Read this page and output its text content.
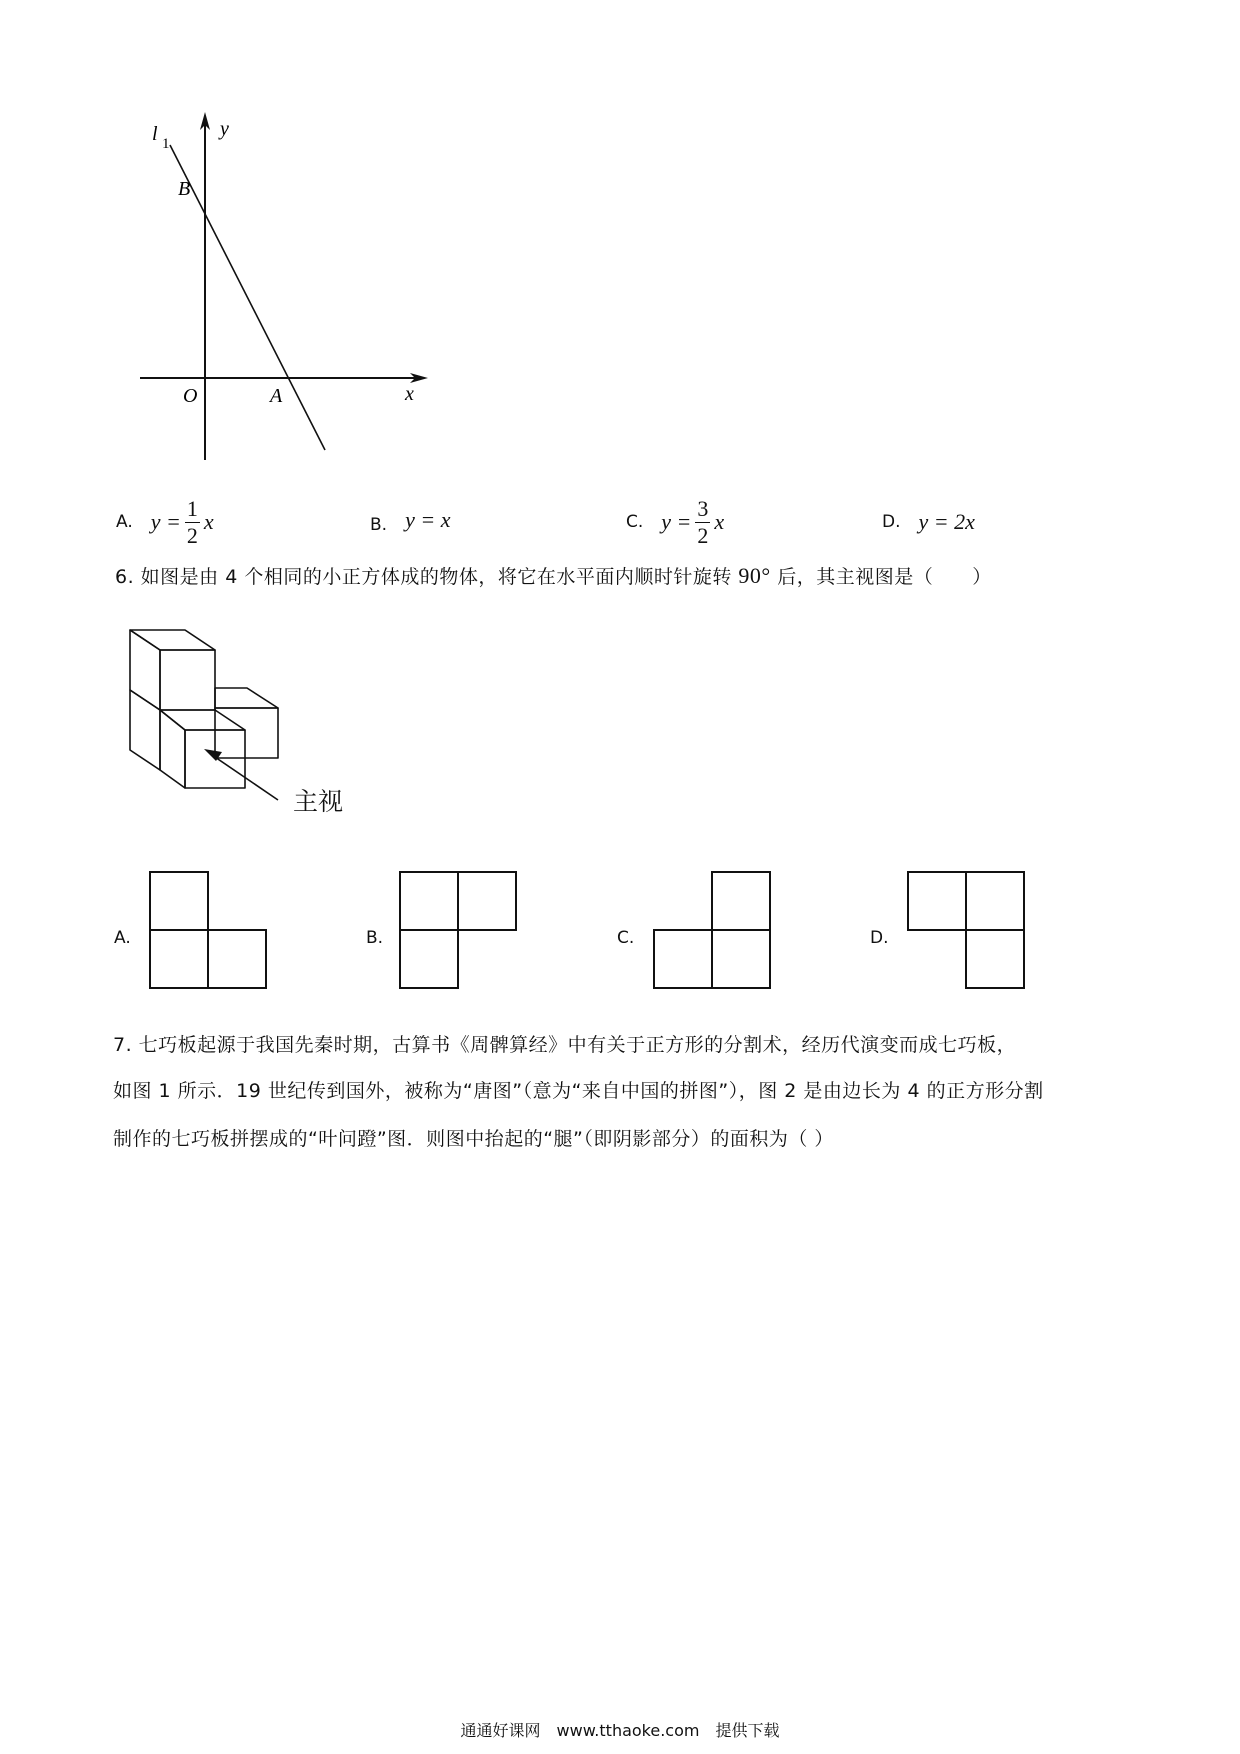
y
x
O	A
B
l 1
A. $y = \frac{1}{2}$ x	B. y = x	C. $y = \frac{3}{2}$ x	D. y = 2x
6. 如图是由 4 个相同的小正方体成的物体，将它在水平面内顺时针旋转 90° 后，其主视图是（　　）
主视
A.	B.	C.	D.
7. 七巧板起源于我国先秦时期，古算书《周髀算经》中有关于正方形的分割术，经历代演变而成七巧板，
如图 1 所示．19 世纪传到国外，被称为“唐图”（意为“来自中国的拼图”），图 2 是由边长为 4 的正方形分割
制作的七巧板拼摆成的“叶问蹬”图．则图中抬起的“腿”（即阴影部分）的面积为（ ）
通通好课网　www.tthaoke.com　提供下载
